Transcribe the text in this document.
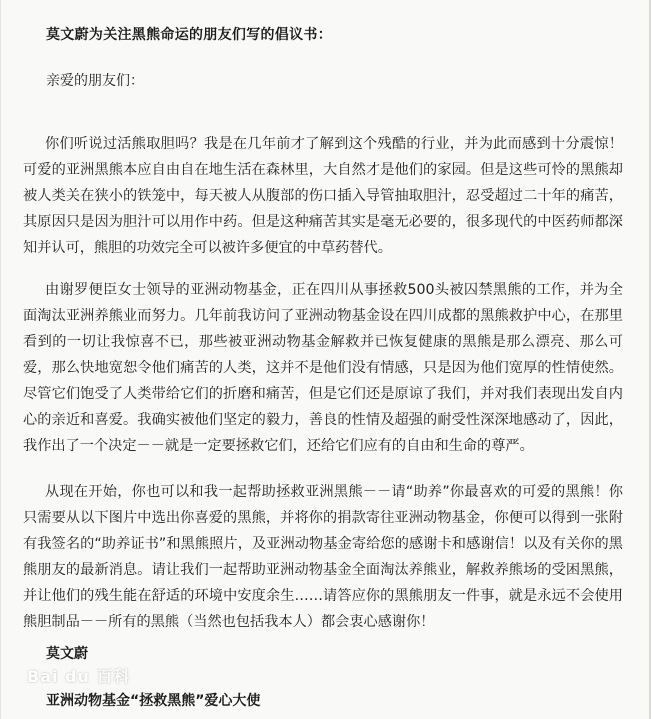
莫文蔚为关注黑熊命运的朋友们写的倡议书：
亲爱的朋友们：

你们听说过活熊取胆吗？我是在几年前才了解到这个残酷的行业，并为此而感到十分震惊！可爱的亚洲黑熊本应自由自在地生活在森林里，大自然才是他们的家园。但是这些可怜的黑熊却被人类关在狭小的铁笼中，每天被人从腹部的伤口插入导管抽取胆汁，忍受超过二十年的痛苦，其原因只是因为胆汁可以用作中药。但是这种痛苦其实是毫无必要的，很多现代的中医药师都深知并认可，熊胆的功效完全可以被许多便宜的中草药替代。

由谢罗便臣女士领导的亚洲动物基金，正在四川从事拯救500头被囚禁黑熊的工作，并为全面淘汰亚洲养熊业而努力。几年前我访问了亚洲动物基金设在四川成都的黑熊救护中心，在那里看到的一切让我惊喜不已，那些被亚洲动物基金解救并已恢复健康的黑熊是那么漂亮、那么可爱，那么快地宽恕令他们痛苦的人类，这并不是他们没有情感，只是因为他们宽厚的性情使然。尽管它们饱受了人类带给它们的折磨和痛苦，但是它们还是原谅了我们，并对我们表现出发自内心的亲近和喜爱。我确实被他们坚定的毅力，善良的性情及超强的耐受性深深地感动了，因此，我作出了一个决定－－就是一定要拯救它们，还给它们应有的自由和生命的尊严。

从现在开始，你也可以和我一起帮助拯救亚洲黑熊－－请“助养”你最喜欢的可爱的黑熊！你只需要从以下图片中选出你喜爱的黑熊，并将你的捐款寄往亚洲动物基金，你便可以得到一张附有我签名的“助养证书”和黑熊照片，及亚洲动物基金寄给您的感谢卡和感谢信！以及有关你的黑熊朋友的最新消息。请让我们一起帮助亚洲动物基金全面淘汰养熊业，解救养熊场的受困黑熊，并让他们的残生能在舒适的环境中安度余生……请答应你的黑熊朋友一件事，就是永远不会使用熊胆制品－－所有的黑熊（当然也包括我本人）都会衷心感谢你！

莫文蔚
Bai du 百科
亚洲动物基金“拯救黑熊”爱心大使
